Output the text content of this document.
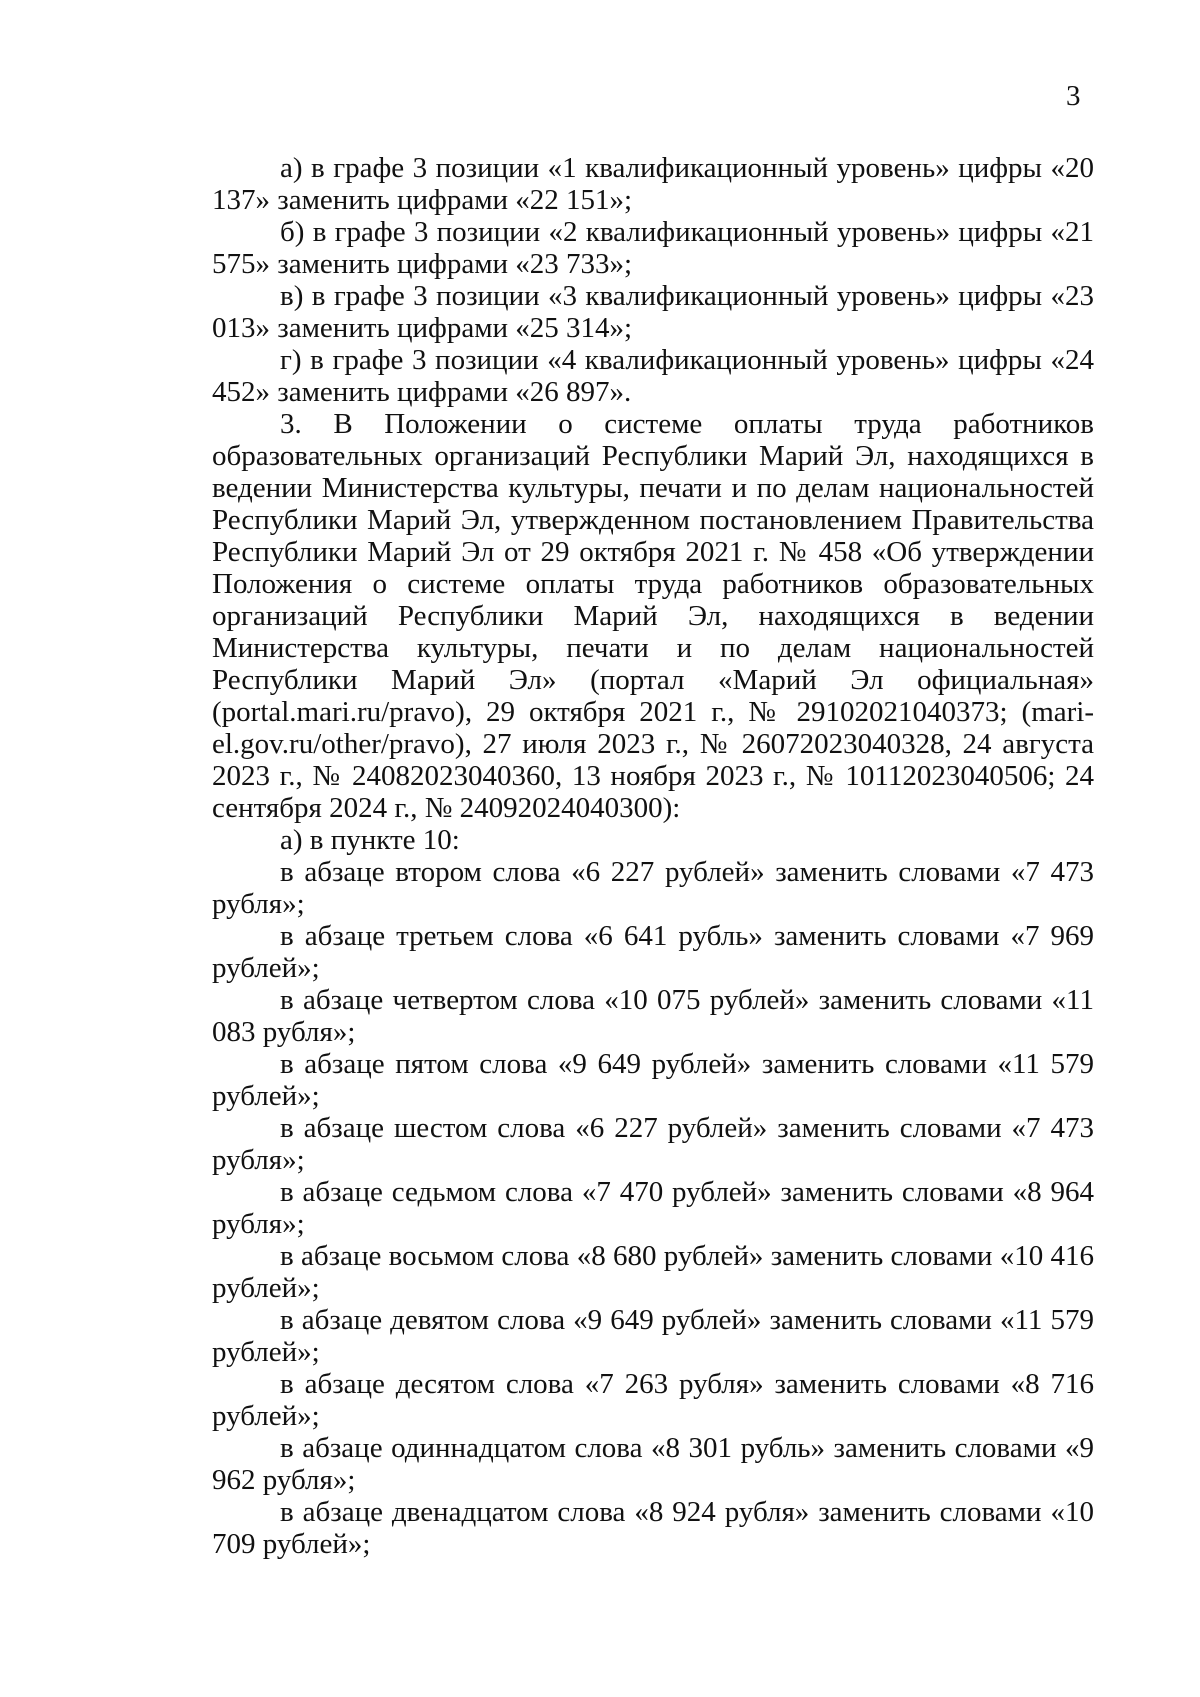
3

а) в графе 3 позиции «1 квалификационный уровень» цифры «20 137» заменить цифрами «22 151»;

б) в графе 3 позиции «2 квалификационный уровень» цифры «21 575» заменить цифрами «23 733»;

в) в графе 3 позиции «3 квалификационный уровень» цифры «23 013» заменить цифрами «25 314»;

г) в графе 3 позиции «4 квалификационный уровень» цифры «24 452» заменить цифрами «26 897».

3. В Положении о системе оплаты труда работников образовательных организаций Республики Марий Эл, находящихся в ведении Министерства культуры, печати и по делам национальностей Республики Марий Эл, утвержденном постановлением Правительства Республики Марий Эл от 29 октября 2021 г. № 458 «Об утверждении Положения о системе оплаты труда работников образовательных организаций Республики Марий Эл, находящихся в ведении Министерства культуры, печати и по делам национальностей Республики Марий Эл» (портал «Марий Эл официальная» (portal.mari.ru/pravo), 29 октября 2021 г., № 29102021040373; (mari-el.gov.ru/other/pravo), 27 июля 2023 г., № 26072023040328, 24 августа 2023 г., № 24082023040360, 13 ноября 2023 г., № 10112023040506; 24 сентября 2024 г., № 24092024040300):

а) в пункте 10:

в абзаце втором слова «6 227 рублей» заменить словами «7 473 рубля»;

в абзаце третьем слова «6 641 рубль» заменить словами «7 969 рублей»;

в абзаце четвертом слова «10 075 рублей» заменить словами «11 083 рубля»;

в абзаце пятом слова «9 649 рублей» заменить словами «11 579 рублей»;

в абзаце шестом слова «6 227 рублей» заменить словами «7 473 рубля»;

в абзаце седьмом слова «7 470 рублей» заменить словами «8 964 рубля»;

в абзаце восьмом слова «8 680 рублей» заменить словами «10 416 рублей»;

в абзаце девятом слова «9 649 рублей» заменить словами «11 579 рублей»;

в абзаце десятом слова «7 263 рубля» заменить словами «8 716 рублей»;

в абзаце одиннадцатом слова «8 301 рубль» заменить словами «9 962 рубля»;

в абзаце двенадцатом слова «8 924 рубля» заменить словами «10 709 рублей»;
